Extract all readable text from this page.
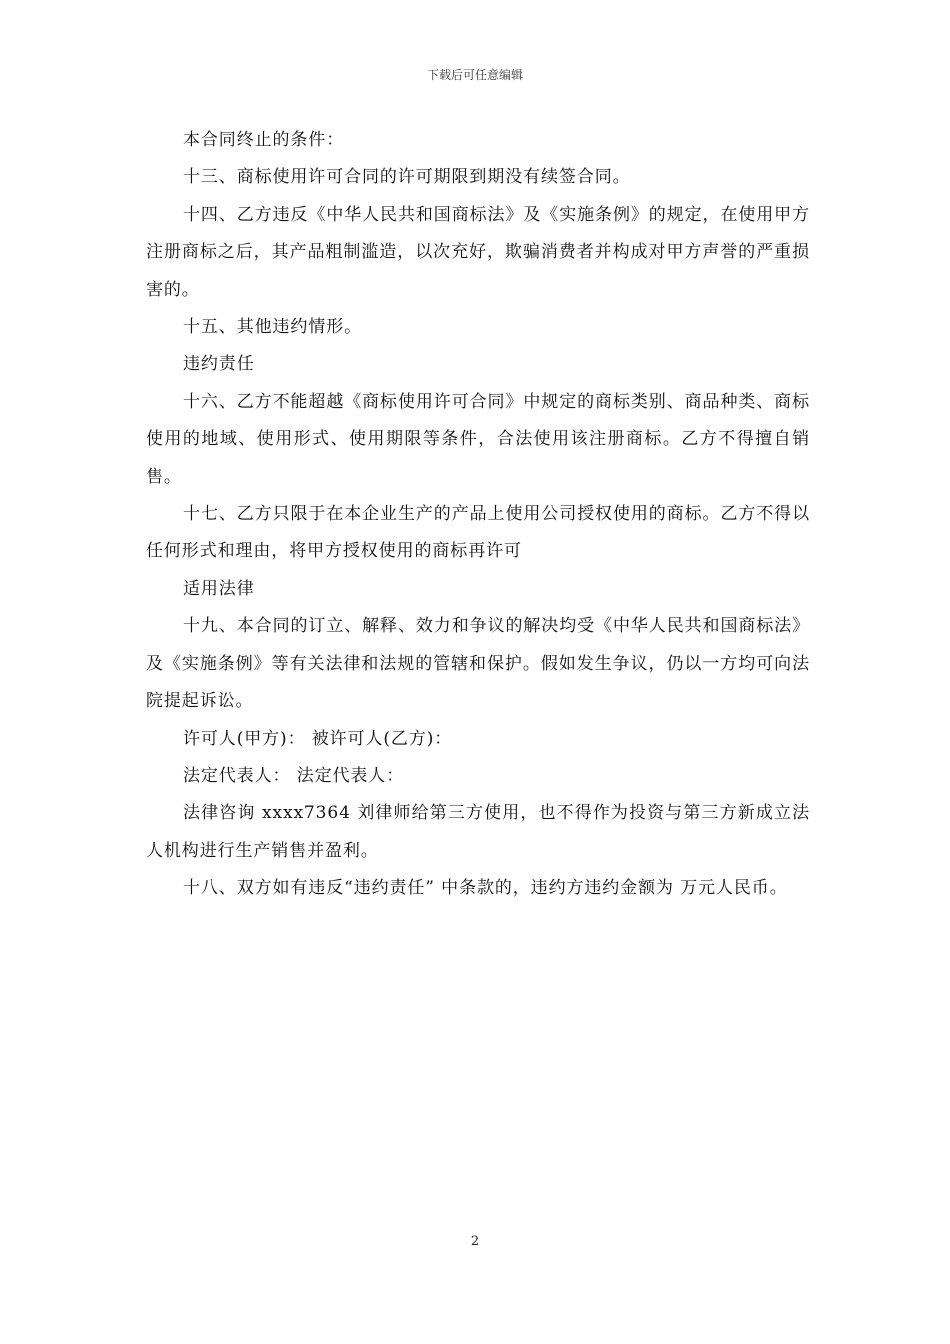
下载后可任意编辑

本合同终止的条件：

十三、商标使用许可合同的许可期限到期没有续签合同。

十四、乙方违反《中华人民共和国商标法》及《实施条例》的规定，在使用甲方注册商标之后，其产品粗制滥造，以次充好，欺骗消费者并构成对甲方声誉的严重损害的。

十五、其他违约情形。

违约责任

十六、乙方不能超越《商标使用许可合同》中规定的商标类别、商品种类、商标使用的地域、使用形式、使用期限等条件，合法使用该注册商标。乙方不得擅自销售。

十七、乙方只限于在本企业生产的产品上使用公司授权使用的商标。乙方不得以任何形式和理由，将甲方授权使用的商标再许可

适用法律

十九、本合同的订立、解释、效力和争议的解决均受《中华人民共和国商标法》及《实施条例》等有关法律和法规的管辖和保护。假如发生争议，仍以一方均可向法院提起诉讼。

许可人(甲方)： 被许可人(乙方)：

法定代表人： 法定代表人：

法律咨询 xxxx7364 刘律师给第三方使用，也不得作为投资与第三方新成立法人机构进行生产销售并盈利。

十八、双方如有违反“违约责任” 中条款的，违约方违约金额为 万元人民币。

2
